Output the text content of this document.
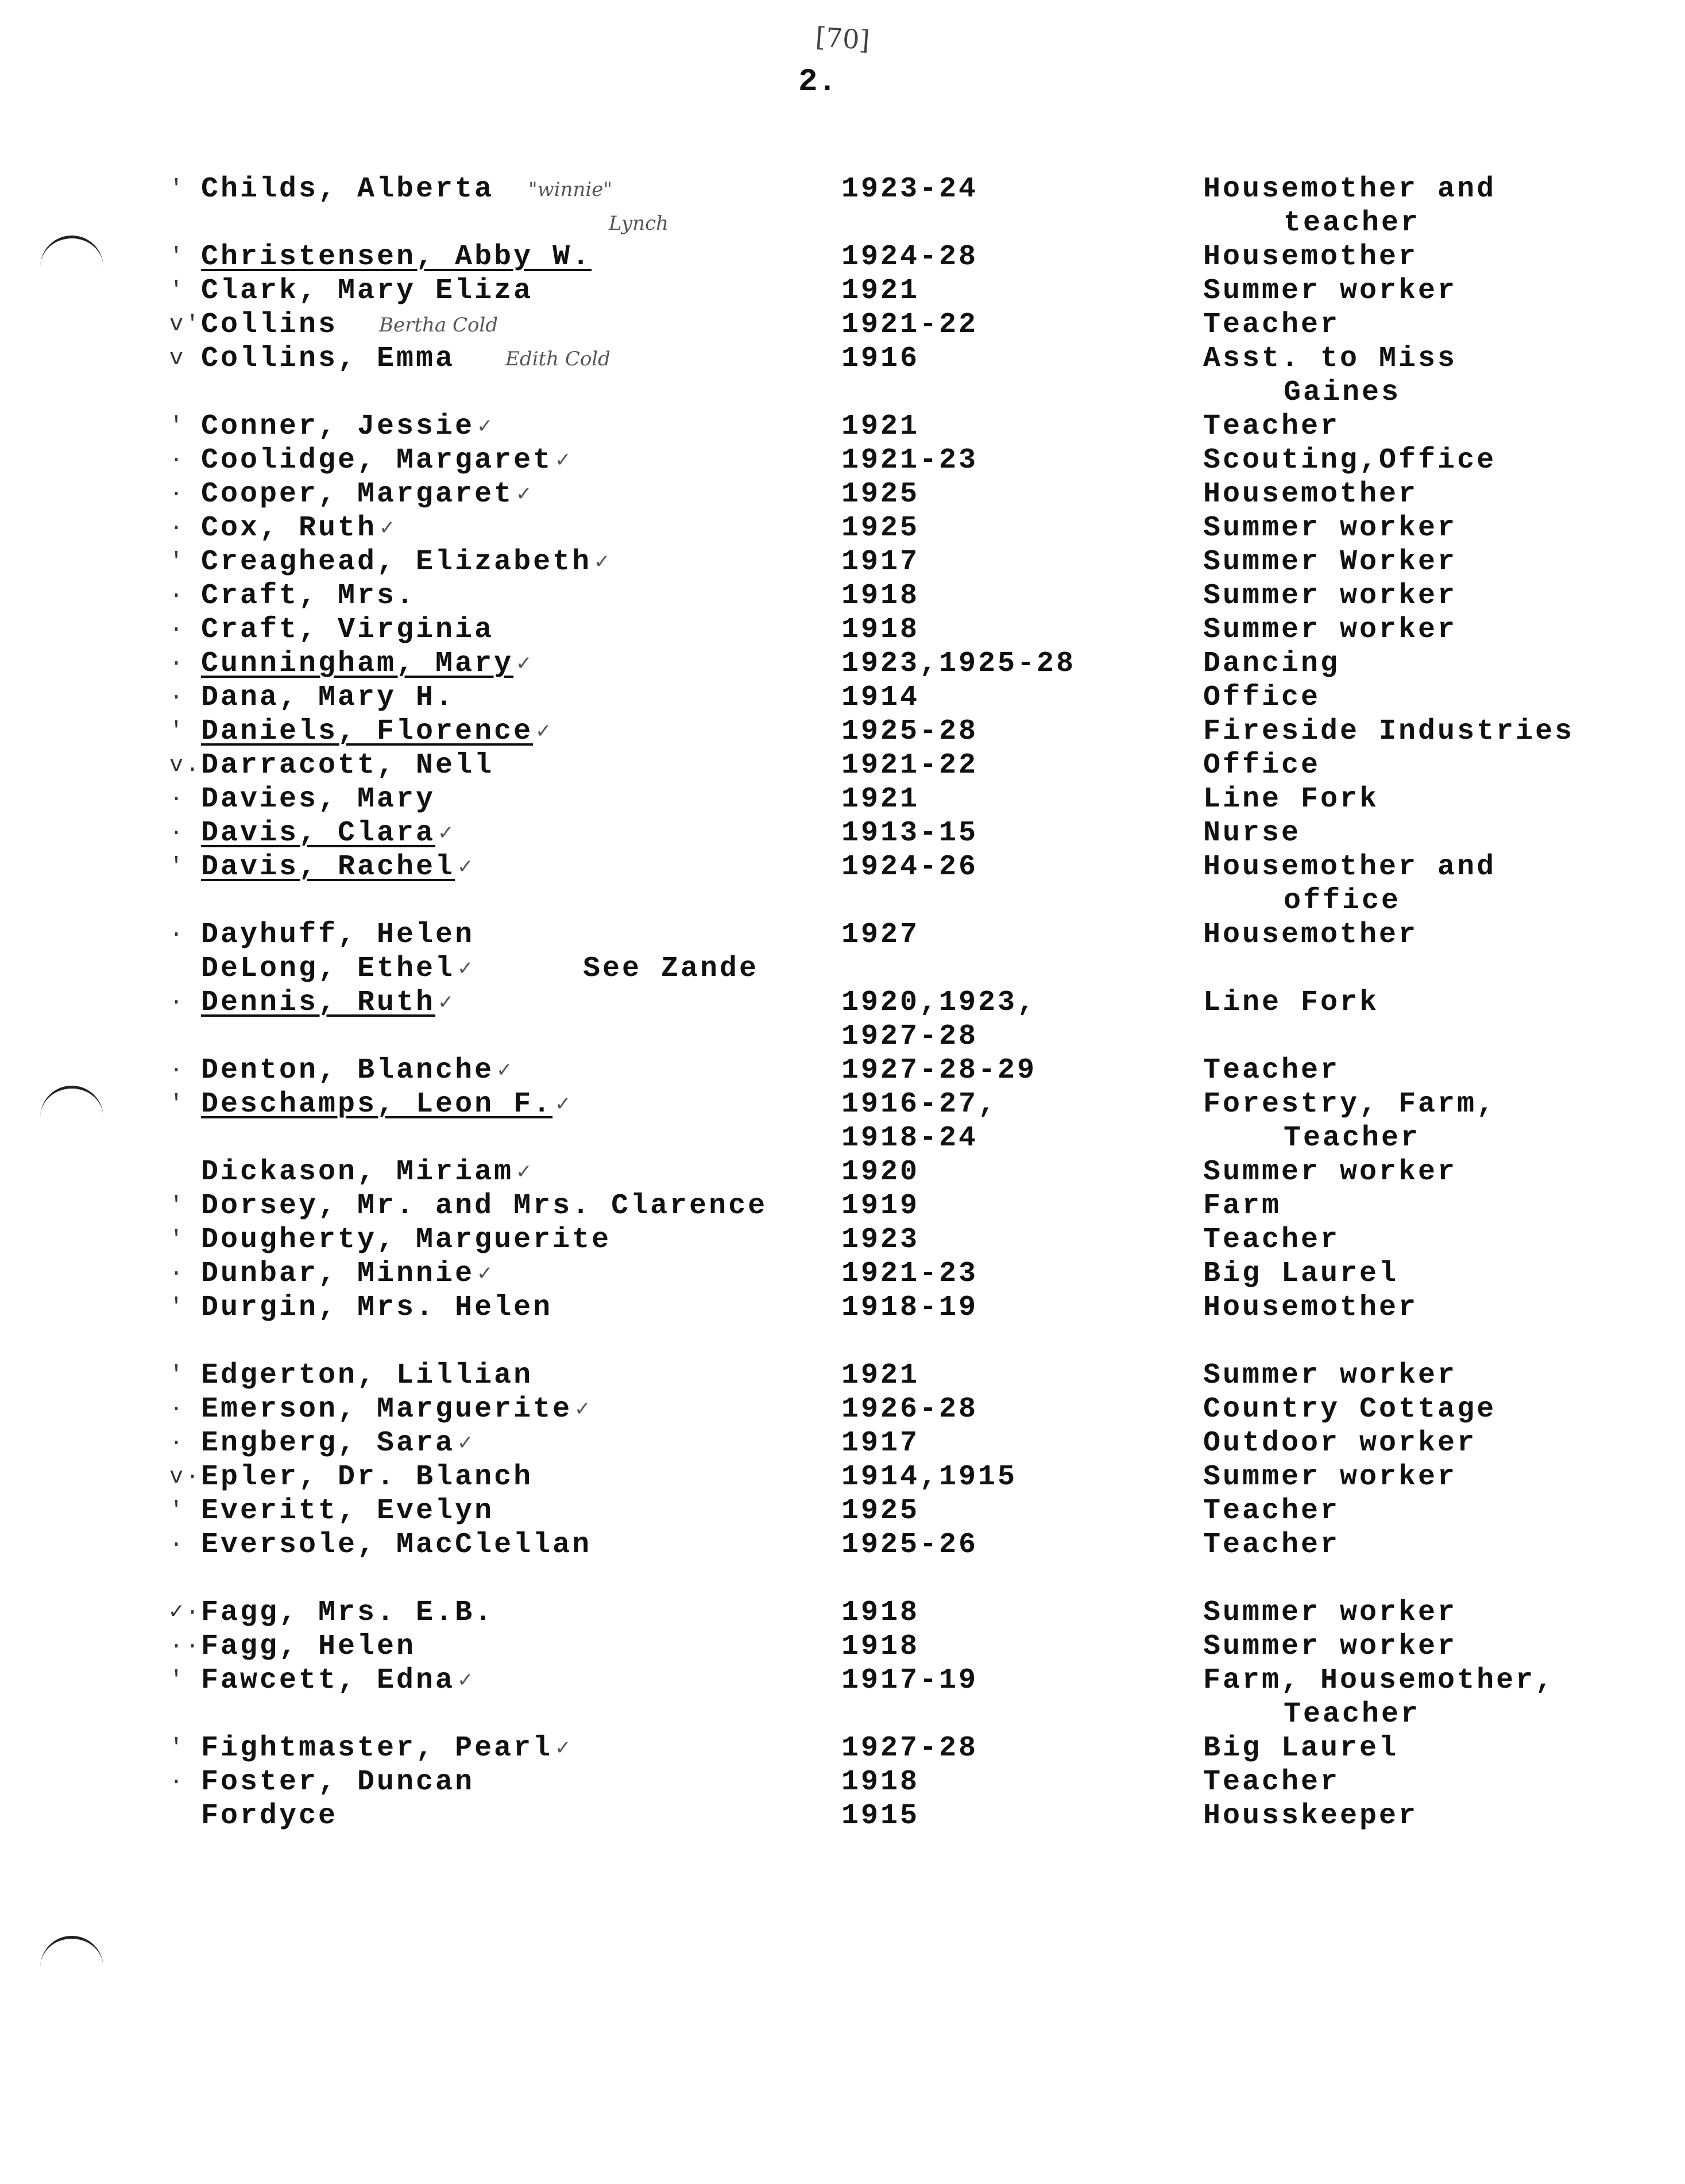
[70]
2.
"winnie"
Lynch
Bertha Cold
Edith Cold
' Childs, Alberta	1923-24	Housemother and
teacher
' Christensen, Abby W.	1924-28	Housemother
' Clark, Mary Eliza	1921	Summer worker
v'
Collins	1921-22	Teacher
v Collins, Emma	1916	Asst. to Miss
Gaines
' Conner, Jessie ✓	1921	Teacher
· Coolidge, Margaret ✓	1921-23	Scouting,Office
· Cooper, Margaret ✓	1925	Housemother
· Cox, Ruth ✓	1925	Summer worker
' Creaghead, Elizabeth ✓	1917	Summer Worker
· Craft, Mrs.	1918	Summer worker
· Craft, Virginia	1918	Summer worker
· Cunningham, Mary ✓	1923,1925-28	Dancing
· Dana, Mary H.	1914	Office
' Daniels, Florence ✓	1925-28	Fireside Industries
v.
Darracott, Nell	1921-22	Office
· Davies, Mary	1921	Line Fork
· Davis, Clara ✓	1913-15	Nurse
' Davis, Rachel ✓	1924-26	Housemother and
office
· Dayhuff, Helen	1927	Housemother
DeLong, Ethel ✓	See Zande
· Dennis, Ruth ✓	1920,1923,	Line Fork
1927-28
· Denton, Blanche ✓	1927-28-29	Teacher
' Deschamps, Leon F. ✓	1916-27,	Forestry, Farm,
1918-24	Teacher
Dickason, Miriam ✓	1920	Summer worker
' Dorsey, Mr. and Mrs. Clarence	1919	Farm
' Dougherty, Marguerite	1923	Teacher
· Dunbar, Minnie ✓	1921-23	Big Laurel
' Durgin, Mrs. Helen	1918-19	Housemother
' Edgerton, Lillian	1921	Summer worker
· Emerson, Marguerite ✓	1926-28	Country Cottage
· Engberg, Sara ✓	1917	Outdoor worker
v·
Epler, Dr. Blanch	1914,1915	Summer worker
' Everitt, Evelyn	1925	Teacher
· Eversole, MacClellan	1925-26	Teacher
✓·
Fagg, Mrs. E.B.	1918	Summer worker
··
Fagg, Helen	1918	Summer worker
' Fawcett, Edna ✓	1917-19	Farm, Housemother,
Teacher
' Fightmaster, Pearl ✓	1927-28	Big Laurel
· Foster, Duncan	1918	Teacher
Fordyce	1915	Housskeeper
